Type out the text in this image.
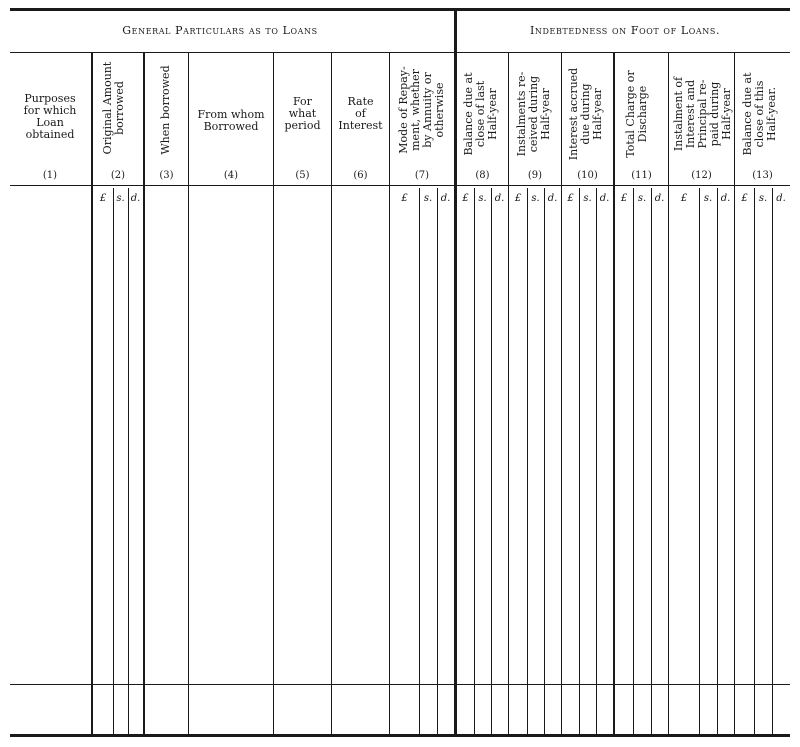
General Particulars as to Loans	Indebtedness on Foot of Loans.
Purposes
for which
Loan
obtained
(1)
Original Amount
borrowed
(2)
When borrowed
(3)
From whom
Borrowed
(4)
For
what
period
(5)
Rate
of
Interest
(6)
Mode of Repay-
ment, whether
by Annuity or
otherwise
(7)
Balance due at
close of last
Half-year
(8)
Instalments re-
ceived during
Half-year
(9)
Interest accrued
due during
Half-year
(10)
Total Charge or
Discharge
(11)
Instalment of
Interest and
Principal re-
paid during
Half-year
(12)
Balance due at
close of this
Half-year.
(13)
£ s. d.	£ s. d. £ s. d. £ s. d. £ s. d. £ s. d. £ s. d. £ s. d.
